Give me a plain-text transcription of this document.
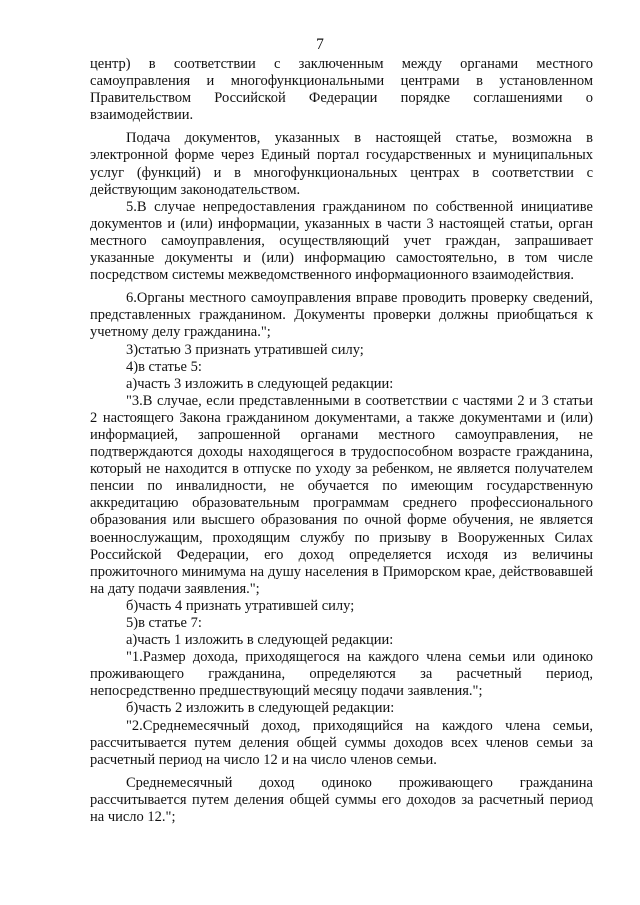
7

центр) в соответствии с заключенным между органами местного самоуправления и многофункциональными центрами в установленном Правительством Российской Федерации порядке соглашениями о взаимодействии.

Подача документов, указанных в настоящей статье, возможна в электронной форме через Единый портал государственных и муниципальных услуг (функций) и в многофункциональных центрах в соответствии с действующим законодательством.

5.В случае непредоставления гражданином по собственной инициативе документов и (или) информации, указанных в части 3 настоящей статьи, орган местного самоуправления, осуществляющий учет граждан, запрашивает указанные документы и (или) информацию самостоятельно, в том числе посредством системы межведомственного информационного взаимодействия.

6.Органы местного самоуправления вправе проводить проверку сведений, представленных гражданином. Документы проверки должны приобщаться к учетному делу гражданина.";

3)статью 3 признать утратившей силу;

4)в статье 5:

а)часть 3 изложить в следующей редакции:

"3.В случае, если представленными в соответствии с частями 2 и 3 статьи 2 настоящего Закона гражданином документами, а также документами и (или) информацией, запрошенной органами местного самоуправления, не подтверждаются доходы находящегося в трудоспособном возрасте гражданина, который не находится в отпуске по уходу за ребенком, не является получателем пенсии по инвалидности, не обучается по имеющим государственную аккредитацию образовательным программам среднего профессионального образования или высшего образования по очной форме обучения, не является военнослужащим, проходящим службу по призыву в Вооруженных Силах Российской Федерации, его доход определяется исходя из величины прожиточного минимума на душу населения в Приморском крае, действовавшей на дату подачи заявления.";

б)часть 4 признать утратившей силу;

5)в статье 7:

а)часть 1 изложить в следующей редакции:

"1.Размер дохода, приходящегося на каждого члена семьи или одиноко проживающего гражданина, определяются за расчетный период, непосредственно предшествующий месяцу подачи заявления.";

б)часть 2 изложить в следующей редакции:

"2.Среднемесячный доход, приходящийся на каждого члена семьи, рассчитывается путем деления общей суммы доходов всех членов семьи за расчетный период на число 12 и на число членов семьи.

Среднемесячный доход одиноко проживающего гражданина рассчитывается путем деления общей суммы его доходов за расчетный период на число 12.";
